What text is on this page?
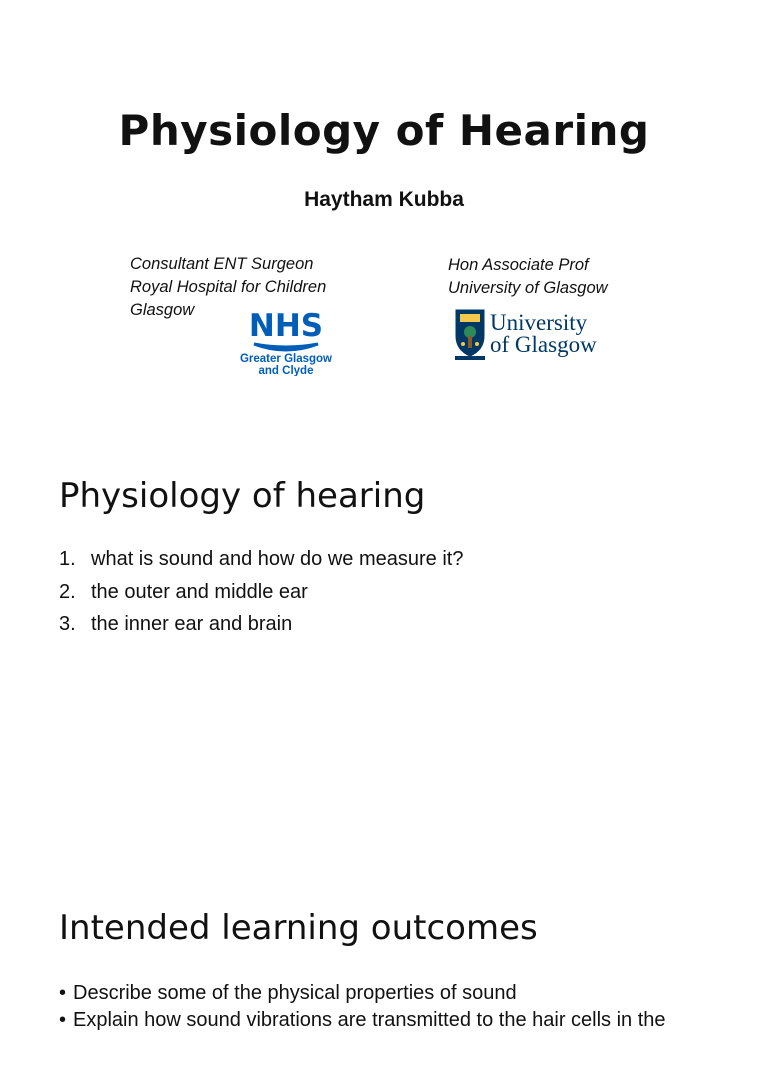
Physiology of Hearing

Haytham Kubba

Consultant ENT Surgeon
Royal Hospital for Children
Glasgow
Hon Associate Prof
University of Glasgow
NHS
Greater Glasgow
and Clyde
University
of Glasgow
Physiology of hearing
1. what is sound and how do we measure it?
2. the outer and middle ear
3. the inner ear and brain
Intended learning outcomes
• Describe some of the physical properties of sound
• Explain how sound vibrations are transmitted to the hair cells in the
